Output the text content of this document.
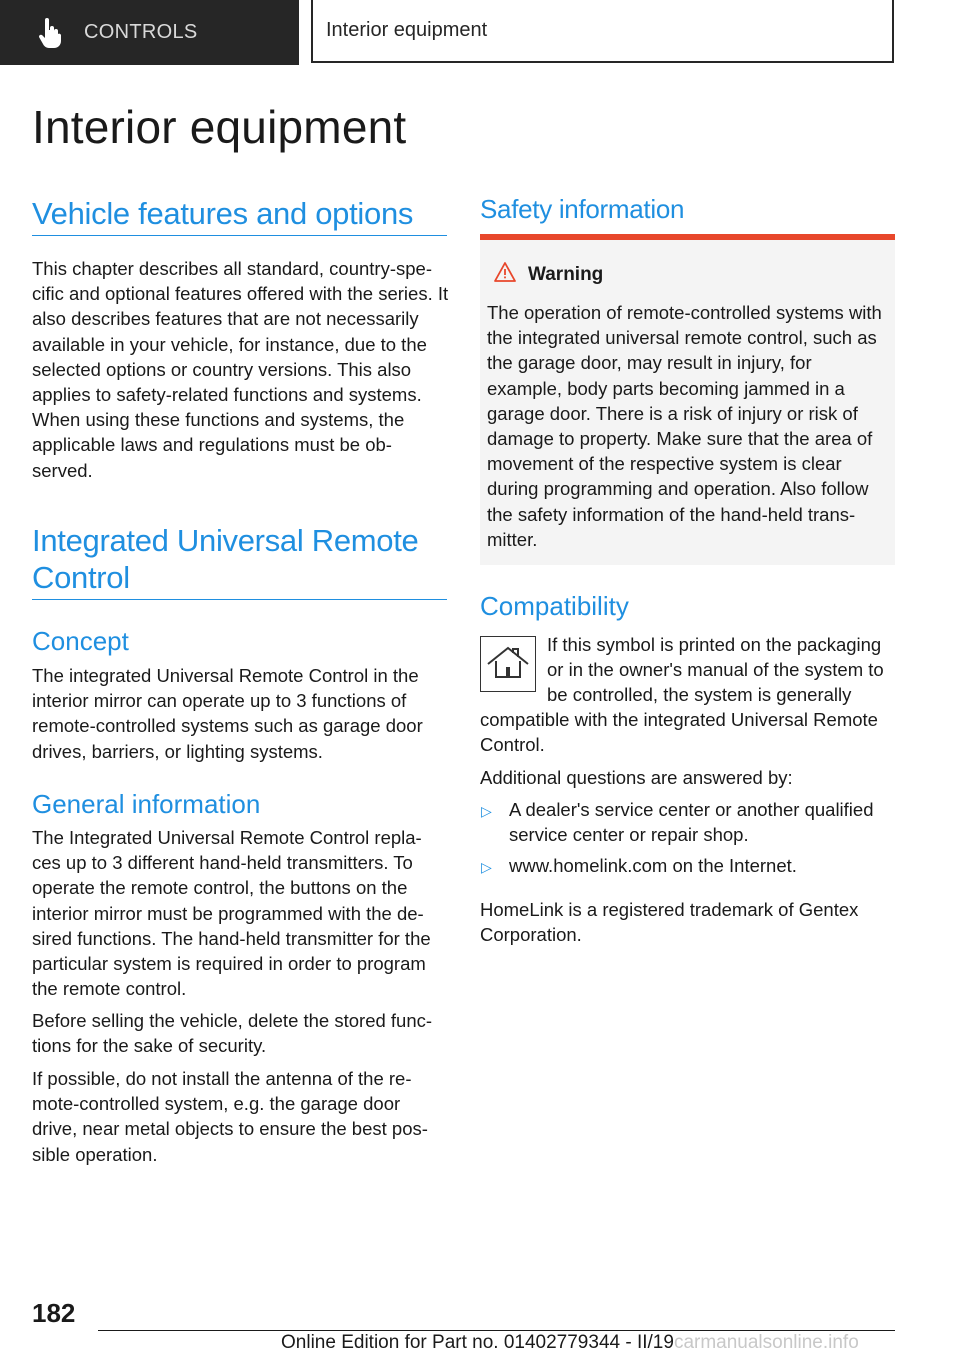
CONTROLS	Interior equipment
Interior equipment
Vehicle features and options

This chapter describes all standard, country-spe-cific and optional features offered with the series. It also describes features that are not necessarily available in your vehicle, for instance, due to the selected options or country versions. This also applies to safety-related functions and systems. When using these functions and systems, the applicable laws and regulations must be ob-served.

Integrated Universal Remote
Control
Concept

The integrated Universal Remote Control in the interior mirror can operate up to 3 functions of remote-controlled systems such as garage door drives, barriers, or lighting systems.

General information

The Integrated Universal Remote Control repla-ces up to 3 different hand-held transmitters. To operate the remote control, the buttons on the interior mirror must be programmed with the de-sired functions. The hand-held transmitter for the particular system is required in order to program the remote control.

Before selling the vehicle, delete the stored func-tions for the sake of security.

If possible, do not install the antenna of the re-mote-controlled system, e.g. the garage door drive, near metal objects to ensure the best pos-sible operation.

Safety information
Warning

The operation of remote-controlled systems with the integrated universal remote control, such as the garage door, may result in injury, for example, body parts becoming jammed in a garage door. There is a risk of injury or risk of damage to property. Make sure that the area of movement of the respective system is clear during programming and operation. Also follow the safety information of the hand-held trans-mitter.

Compatibility

If this symbol is printed on the packaging

or in the owner's manual of the system to

be controlled, the system is generally

compatible with the integrated Universal Remote Control.

Additional questions are answered by:

▷ A dealer's service center or another qualified service center or repair shop.
▷ www.homelink.com on the Internet.

HomeLink is a registered trademark of Gentex Corporation.

182
Online Edition for Part no. 01402779344 - II/19carmanualsonline.info
